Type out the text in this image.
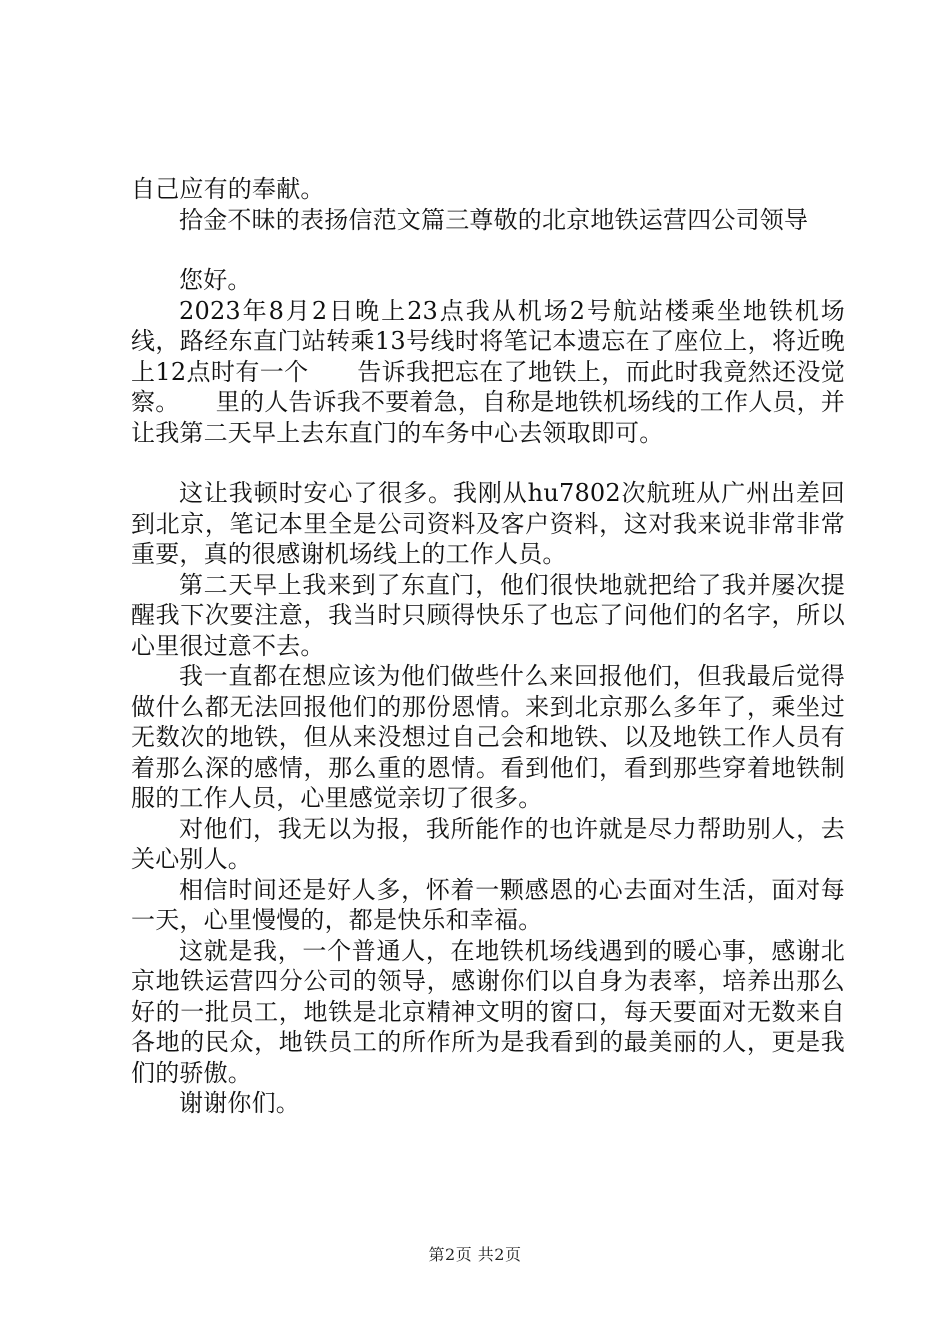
自己应有的奉献。

拾金不昧的表扬信范文篇三尊敬的北京地铁运营四公司领导

您好。

2023年8月2日晚上23点我从机场2号航站楼乘坐地铁机场线，路经东直门站转乘13号线时将笔记本遗忘在了座位上，将近晚上12点时有一个　　告诉我把忘在了地铁上，而此时我竟然还没觉察。　　里的人告诉我不要着急，自称是地铁机场线的工作人员，并让我第二天早上去东直门的车务中心去领取即可。

这让我顿时安心了很多。我刚从hu7802次航班从广州出差回到北京，笔记本里全是公司资料及客户资料，这对我来说非常非常重要，真的很感谢机场线上的工作人员。

第二天早上我来到了东直门，他们很快地就把给了我并屡次提醒我下次要注意，我当时只顾得快乐了也忘了问他们的名字，所以心里很过意不去。

我一直都在想应该为他们做些什么来回报他们，但我最后觉得做什么都无法回报他们的那份恩情。来到北京那么多年了，乘坐过无数次的地铁，但从来没想过自己会和地铁、以及地铁工作人员有着那么深的感情，那么重的恩情。看到他们，看到那些穿着地铁制服的工作人员，心里感觉亲切了很多。

对他们，我无以为报，我所能作的也许就是尽力帮助别人，去关心别人。

相信时间还是好人多，怀着一颗感恩的心去面对生活，面对每一天，心里慢慢的，都是快乐和幸福。

这就是我，一个普通人，在地铁机场线遇到的暖心事，感谢北京地铁运营四分公司的领导，感谢你们以自身为表率，培养出那么好的一批员工，地铁是北京精神文明的窗口，每天要面对无数来自各地的民众，地铁员工的所作所为是我看到的最美丽的人，更是我们的骄傲。

谢谢你们。

第2页 共2页
